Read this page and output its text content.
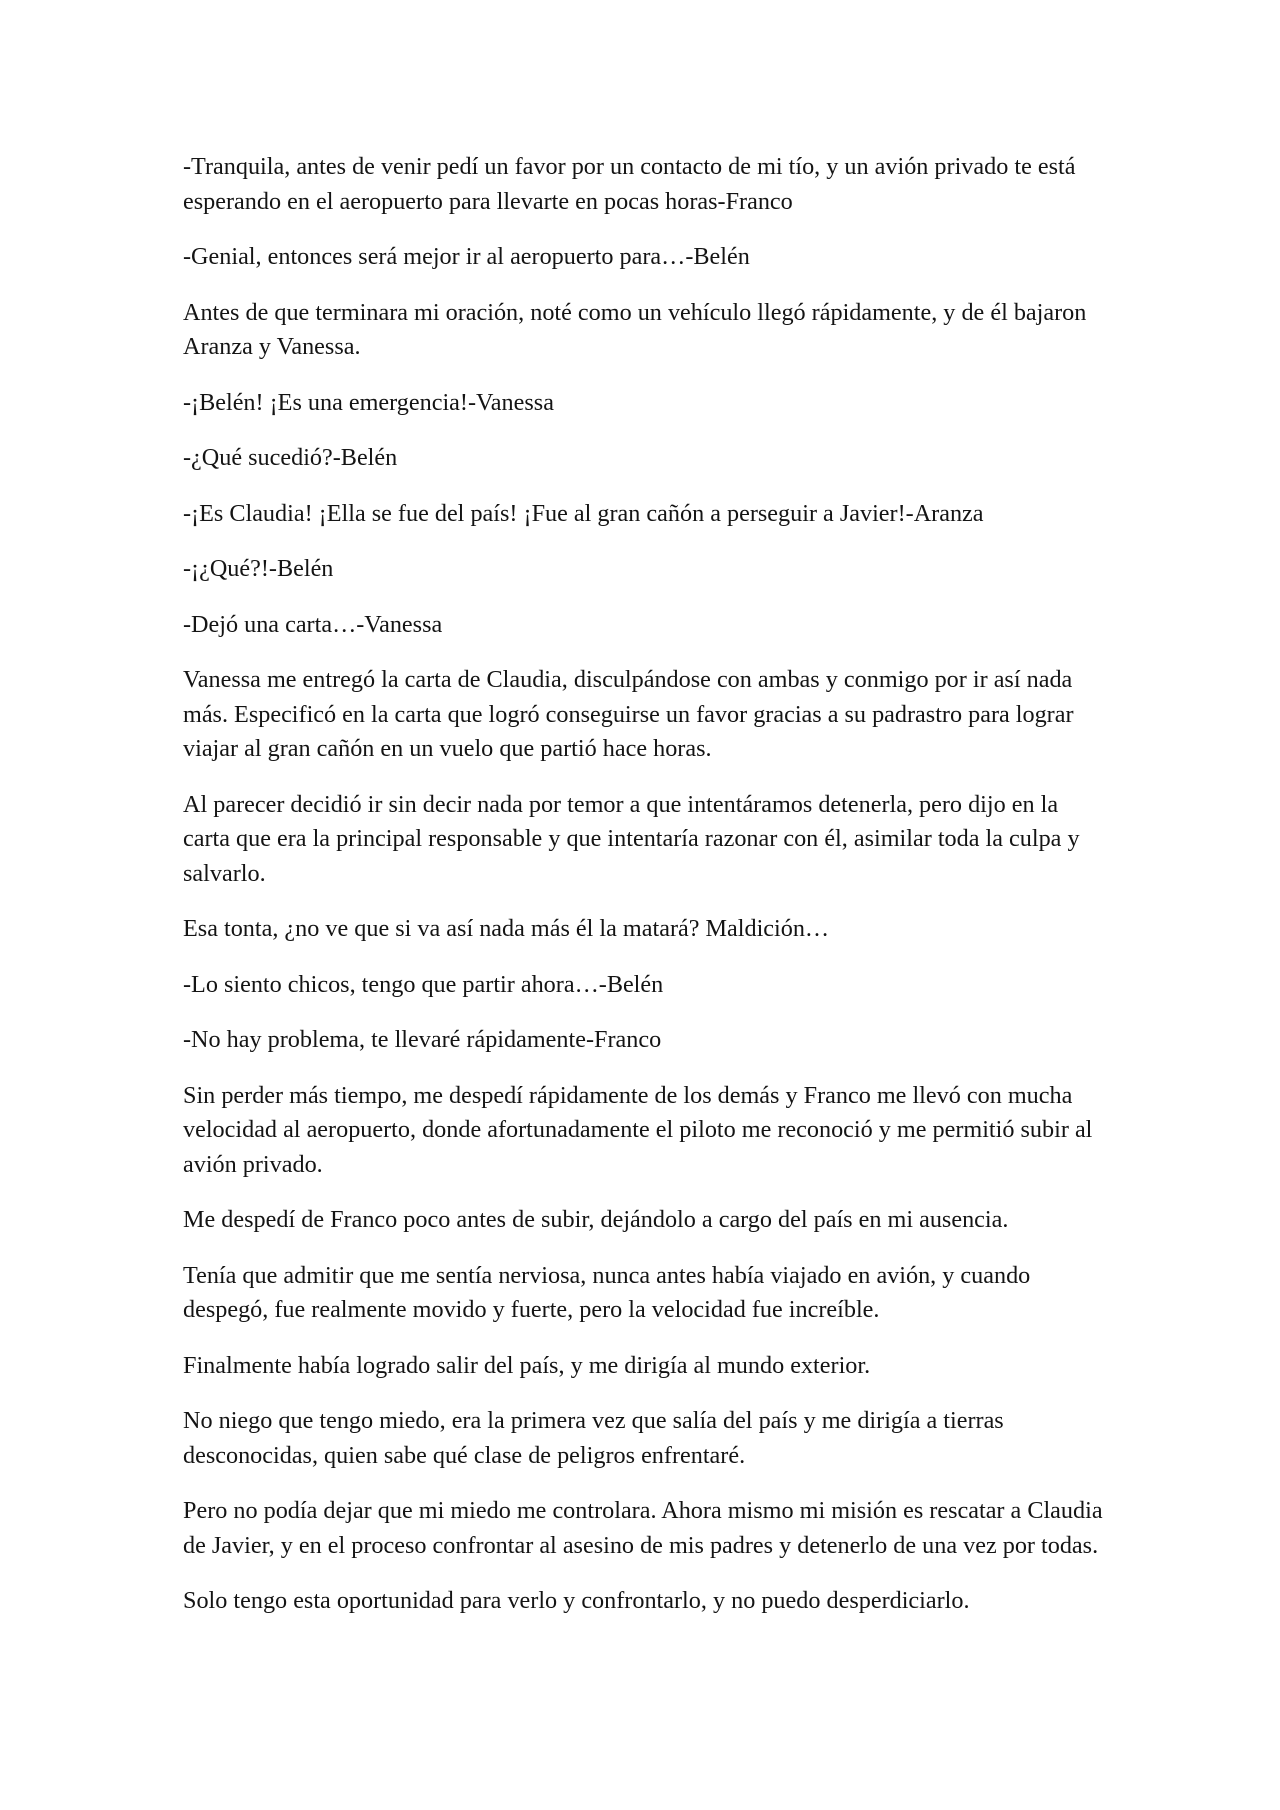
-Tranquila, antes de venir pedí un favor por un contacto de mi tío, y un avión privado te está esperando en el aeropuerto para llevarte en pocas horas-Franco

-Genial, entonces será mejor ir al aeropuerto para…-Belén

Antes de que terminara mi oración, noté como un vehículo llegó rápidamente, y de él bajaron Aranza y Vanessa.

-¡Belén! ¡Es una emergencia!-Vanessa

-¿Qué sucedió?-Belén

-¡Es Claudia! ¡Ella se fue del país! ¡Fue al gran cañón a perseguir a Javier!-Aranza

-¡¿Qué?!-Belén

-Dejó una carta…-Vanessa

Vanessa me entregó la carta de Claudia, disculpándose con ambas y conmigo por ir así nada más. Especificó en la carta que logró conseguirse un favor gracias a su padrastro para lograr viajar al gran cañón en un vuelo que partió hace horas.

Al parecer decidió ir sin decir nada por temor a que intentáramos detenerla, pero dijo en la carta que era la principal responsable y que intentaría razonar con él, asimilar toda la culpa y salvarlo.

Esa tonta, ¿no ve que si va así nada más él la matará? Maldición…

-Lo siento chicos, tengo que partir ahora…-Belén

-No hay problema, te llevaré rápidamente-Franco

Sin perder más tiempo, me despedí rápidamente de los demás y Franco me llevó con mucha velocidad al aeropuerto, donde afortunadamente el piloto me reconoció y me permitió subir al avión privado.

Me despedí de Franco poco antes de subir, dejándolo a cargo del país en mi ausencia.

Tenía que admitir que me sentía nerviosa, nunca antes había viajado en avión, y cuando despegó, fue realmente movido y fuerte, pero la velocidad fue increíble.

Finalmente había logrado salir del país, y me dirigía al mundo exterior.

No niego que tengo miedo, era la primera vez que salía del país y me dirigía a tierras desconocidas, quien sabe qué clase de peligros enfrentaré.

Pero no podía dejar que mi miedo me controlara. Ahora mismo mi misión es rescatar a Claudia de Javier, y en el proceso confrontar al asesino de mis padres y detenerlo de una vez por todas.

Solo tengo esta oportunidad para verlo y confrontarlo, y no puedo desperdiciarlo.
